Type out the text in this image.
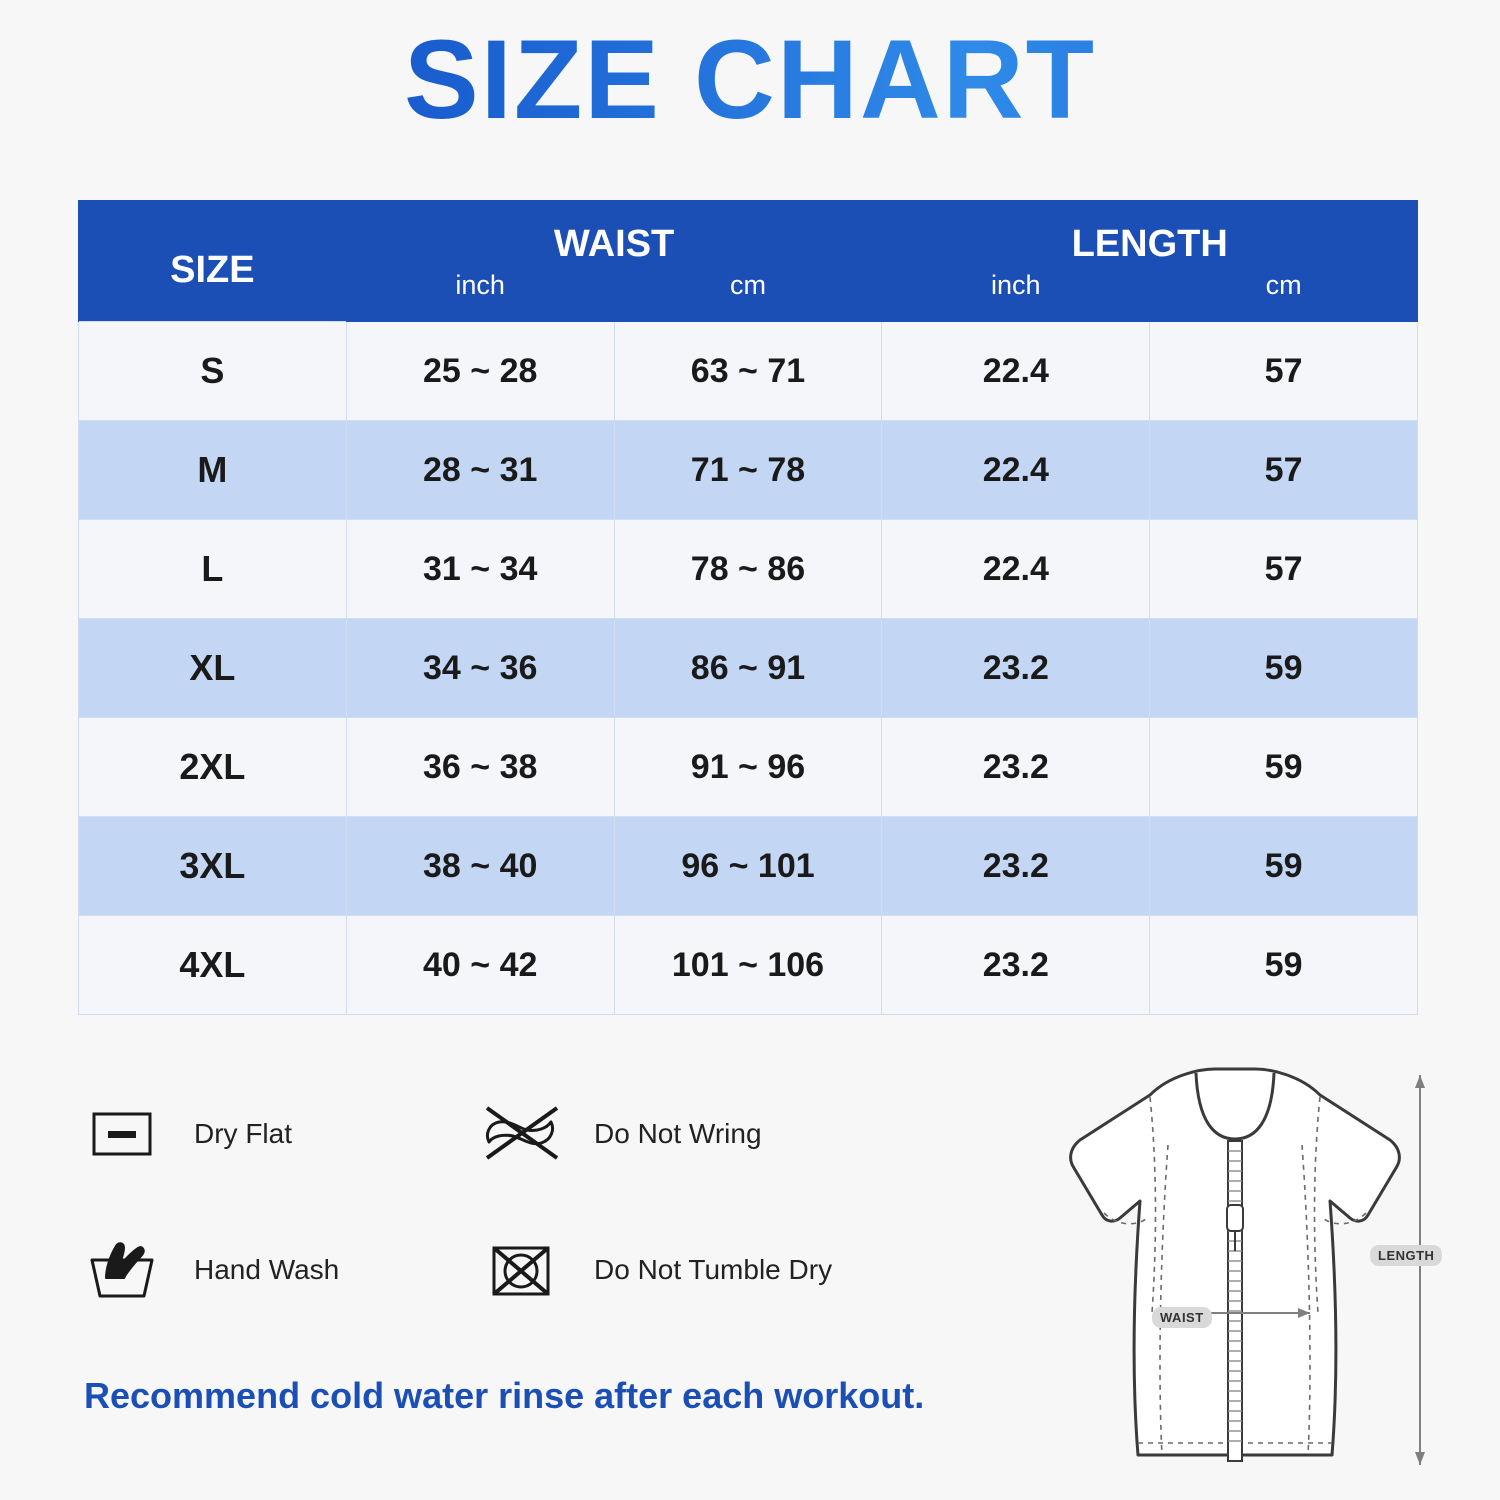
SIZE CHART
SIZE	WAIST		LENGTH	
	inch	cm	inch	cm
S	25 ~ 28	63 ~ 71	22.4	57
M	28 ~ 31	71 ~ 78	22.4	57
L	31 ~ 34	78 ~ 86	22.4	57
XL	34 ~ 36	86 ~ 91	23.2	59
2XL	36 ~ 38	91 ~ 96	23.2	59
3XL	38 ~ 40	96 ~ 101	23.2	59
4XL	40 ~ 42	101 ~ 106	23.2	59
Dry Flat	Do Not Wring
Hand Wash	Do Not Tumble Dry
Recommend cold water rinse after each workout.
WAIST
LENGTH
